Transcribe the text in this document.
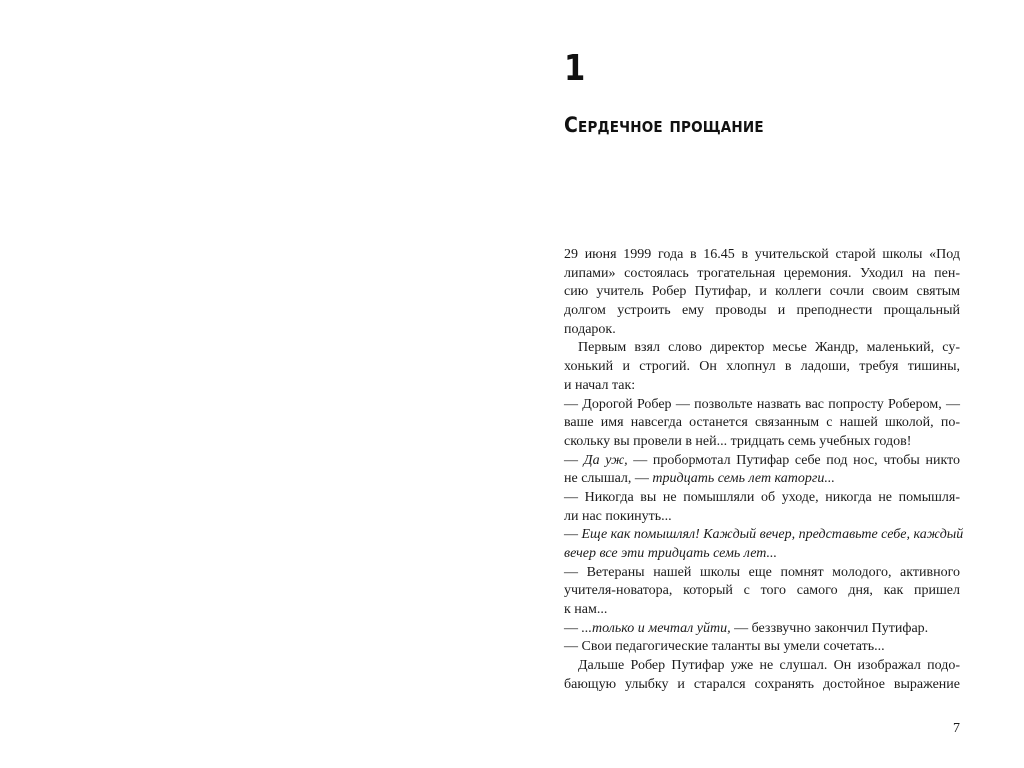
1
Сердечное прощание
29 июня 1999 года в 16.45 в учительской старой школы «Под
липами» состоялась трогательная церемония. Уходил на пен-
сию учитель Робер Путифар, и коллеги сочли своим святым
долгом устроить ему проводы и преподнести прощальный
подарок.
Первым взял слово директор месье Жандр, маленький, су-
хонький и строгий. Он хлопнул в ладоши, требуя тишины,
и начал так:
— Дорогой Робер — позвольте назвать вас попросту Робером, —
ваше имя навсегда останется связанным с нашей школой, по-
скольку вы провели в ней... тридцать семь учебных годов!
— Да уж, — пробормотал Путифар себе под нос, чтобы никто
не слышал, — тридцать семь лет каторги...
— Никогда вы не помышляли об уходе, никогда не помышля-
ли нас покинуть...
— Еще как помышлял! Каждый вечер, представьте себе, каждый
вечер все эти тридцать семь лет...
— Ветераны нашей школы еще помнят молодого, активного
учителя-новатора, который с того самого дня, как пришел
к нам...
— ...только и мечтал уйти, — беззвучно закончил Путифар.
— Свои педагогические таланты вы умели сочетать...
Дальше Робер Путифар уже не слушал. Он изображал подо-
бающую улыбку и старался сохранять достойное выражение
7
